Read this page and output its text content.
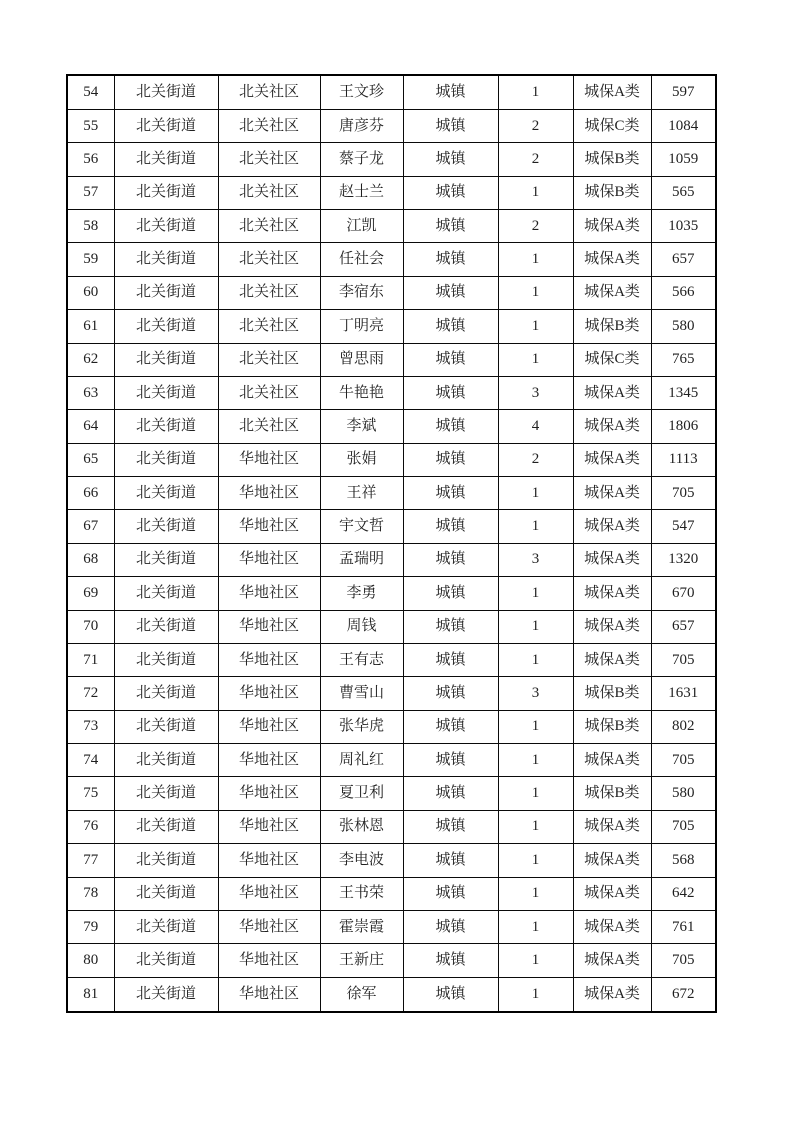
54	北关街道	北关社区	王文珍	城镇	1	城保A类	597
55	北关街道	北关社区	唐彦芬	城镇	2	城保C类	1084
56	北关街道	北关社区	蔡子龙	城镇	2	城保B类	1059
57	北关街道	北关社区	赵士兰	城镇	1	城保B类	565
58	北关街道	北关社区	江凯	城镇	2	城保A类	1035
59	北关街道	北关社区	任社会	城镇	1	城保A类	657
60	北关街道	北关社区	李宿东	城镇	1	城保A类	566
61	北关街道	北关社区	丁明亮	城镇	1	城保B类	580
62	北关街道	北关社区	曾思雨	城镇	1	城保C类	765
63	北关街道	北关社区	牛艳艳	城镇	3	城保A类	1345
64	北关街道	北关社区	李斌	城镇	4	城保A类	1806
65	北关街道	华地社区	张娟	城镇	2	城保A类	1113
66	北关街道	华地社区	王祥	城镇	1	城保A类	705
67	北关街道	华地社区	宇文哲	城镇	1	城保A类	547
68	北关街道	华地社区	孟瑞明	城镇	3	城保A类	1320
69	北关街道	华地社区	李勇	城镇	1	城保A类	670
70	北关街道	华地社区	周钱	城镇	1	城保A类	657
71	北关街道	华地社区	王有志	城镇	1	城保A类	705
72	北关街道	华地社区	曹雪山	城镇	3	城保B类	1631
73	北关街道	华地社区	张华虎	城镇	1	城保B类	802
74	北关街道	华地社区	周礼红	城镇	1	城保A类	705
75	北关街道	华地社区	夏卫利	城镇	1	城保B类	580
76	北关街道	华地社区	张林恩	城镇	1	城保A类	705
77	北关街道	华地社区	李电波	城镇	1	城保A类	568
78	北关街道	华地社区	王书荣	城镇	1	城保A类	642
79	北关街道	华地社区	霍崇霞	城镇	1	城保A类	761
80	北关街道	华地社区	王新庄	城镇	1	城保A类	705
81	北关街道	华地社区	徐军	城镇	1	城保A类	672
